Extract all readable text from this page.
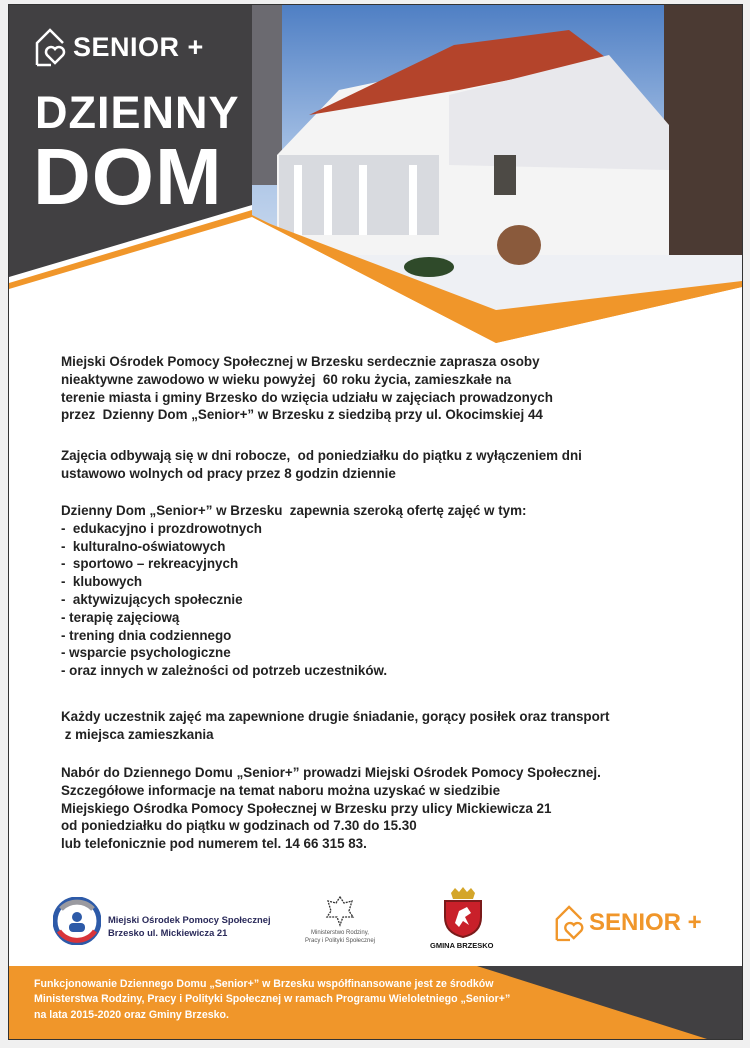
SENIOR +
DZIENNY
DOM
Miejski Ośrodek Pomocy Społecznej w Brzesku serdecznie zaprasza osoby
nieaktywne zawodowo w wieku powyżej  60 roku życia, zamieszkałe na
terenie miasta i gminy Brzesko do wzięcia udziału w zajęciach prowadzonych
przez  Dzienny Dom „Senior+” w Brzesku z siedzibą przy ul. Okocimskiej 44
Zajęcia odbywają się w dni robocze,  od poniedziałku do piątku z wyłączeniem dni
ustawowo wolnych od pracy przez 8 godzin dziennie
Dzienny Dom „Senior+” w Brzesku  zapewnia szeroką ofertę zajęć w tym:
-  edukacyjno i prozdrowotnych
-  kulturalno-oświatowych
-  sportowo – rekreacyjnych
-  klubowych
-  aktywizujących społecznie
- terapię zajęciową
- trening dnia codziennego
- wsparcie psychologiczne
- oraz innych w zależności od potrzeb uczestników.
Każdy uczestnik zajęć ma zapewnione drugie śniadanie, gorący posiłek oraz transport
z miejsca zamieszkania
Nabór do Dziennego Domu „Senior+” prowadzi Miejski Ośrodek Pomocy Społecznej.
Szczegółowe informacje na temat naboru można uzyskać w siedzibie
Miejskiego Ośrodka Pomocy Społecznej w Brzesku przy ulicy Mickiewicza 21
od poniedziałku do piątku w godzinach od 7.30 do 15.30
lub telefonicznie pod numerem tel. 14 66 315 83.
Miejski Ośrodek Pomocy Społecznej
Brzesko ul. Mickiewicza 21	Ministerstwo Rodziny,
Pracy i Polityki Społecznej	GMINA BRZESKO
SENIOR +
Funkcjonowanie Dziennego Domu „Senior+” w Brzesku współfinansowane jest ze środków
Ministerstwa Rodziny, Pracy i Polityki Społecznej w ramach Programu Wieloletniego „Senior+”
na lata 2015-2020 oraz Gminy Brzesko.
